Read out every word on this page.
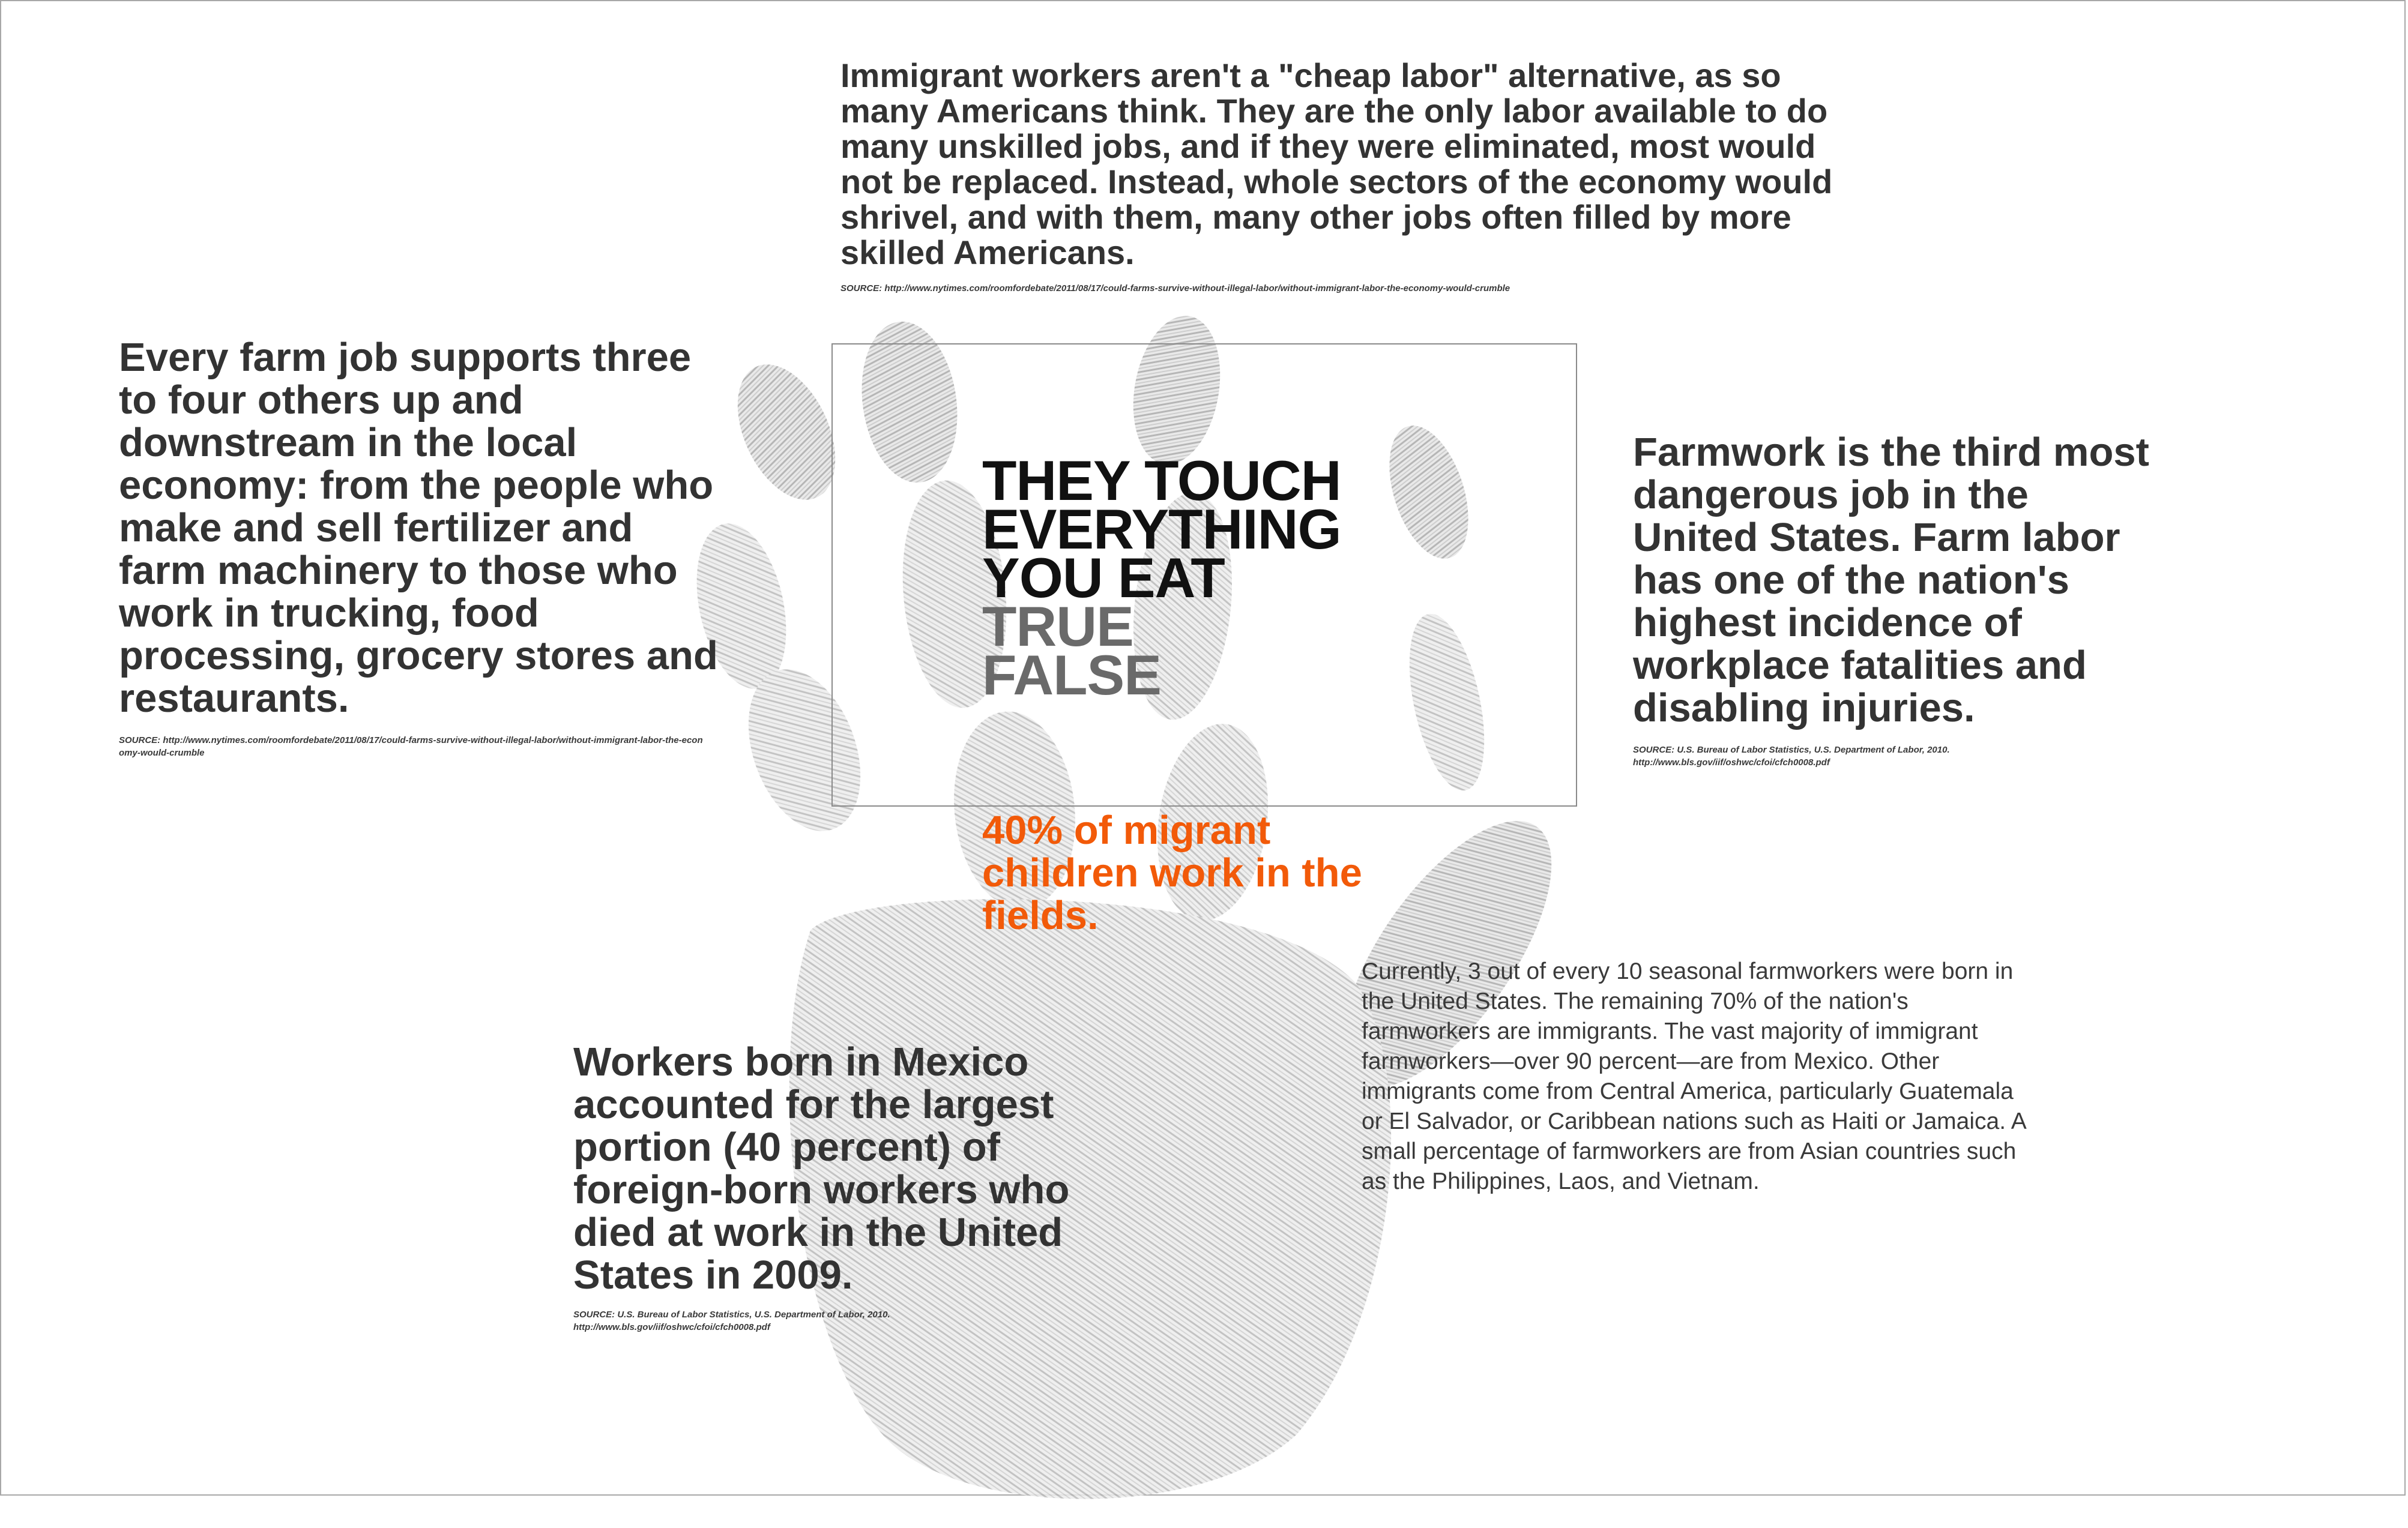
Immigrant workers aren't a "cheap labor" alternative, as so many Americans think. They are the only labor available to do many unskilled jobs, and if they were eliminated, most would not be replaced. Instead, whole sectors of the economy would shrivel, and with them, many other jobs often filled by more skilled Americans.
SOURCE: http://www.nytimes.com/roomfordebate/2011/08/17/could-farms-survive-without-illegal-labor/without-immigrant-labor-the-economy-would-crumble
Every farm job supports three to four others up and downstream in the local economy: from the people who make and sell fertilizer and farm machinery to those who work in trucking, food processing, grocery stores and restaurants.
SOURCE: http://www.nytimes.com/roomfordebate/2011/08/17/could-farms-survive-without-illegal-labor/without-immigrant-labor-the-economy-would-crumble
Farmwork is the third most dangerous job in the United States. Farm labor has one of the nation's highest incidence of workplace fatalities and disabling injuries.
SOURCE: U.S. Bureau of Labor Statistics, U.S. Department of Labor, 2010.
http://www.bls.gov/iif/oshwc/cfoi/cfch0008.pdf
THEY TOUCH
EVERYTHING
YOU EAT
TRUE
FALSE
40% of migrant children work in the fields.
Currently, 3 out of every 10 seasonal farmworkers were born in the United States. The remaining 70% of the nation's farmworkers are immigrants. The vast majority of immigrant farmworkers—over 90 percent—are from Mexico. Other immigrants come from Central America, particularly Guatemala or El Salvador, or Caribbean nations such as Haiti or Jamaica. A small percentage of farmworkers are from Asian countries such as the Philippines, Laos, and Vietnam.
Workers born in Mexico accounted for the largest portion (40 percent) of foreign-born workers who died at work in the United States in 2009.
SOURCE: U.S. Bureau of Labor Statistics, U.S. Department of Labor, 2010.
http://www.bls.gov/iif/oshwc/cfoi/cfch0008.pdf
